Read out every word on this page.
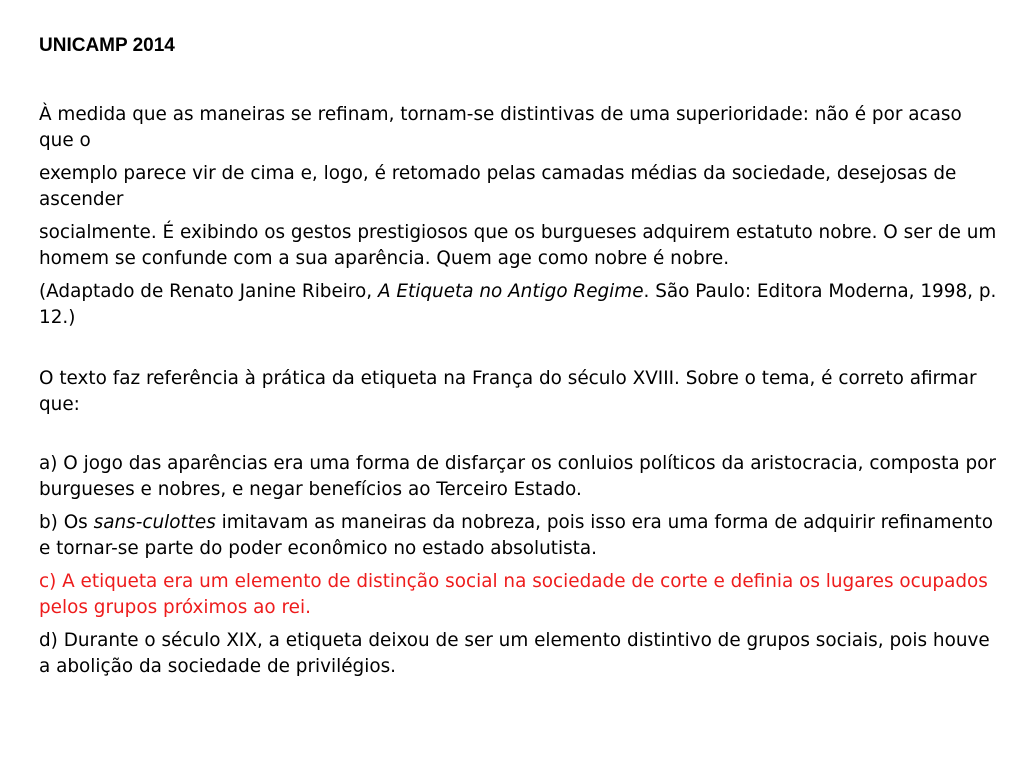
UNICAMP 2014

À medida que as maneiras se refinam, tornam-se distintivas de uma superioridade: não é por acaso que o

exemplo parece vir de cima e, logo, é retomado pelas camadas médias da sociedade, desejosas de ascender

socialmente. É exibindo os gestos prestigiosos que os burgueses adquirem estatuto nobre. O ser de um homem se confunde com a sua aparência. Quem age como nobre é nobre.

(Adaptado de Renato Janine Ribeiro, A Etiqueta no Antigo Regime. São Paulo: Editora Moderna, 1998, p. 12.)

O texto faz referência à prática da etiqueta na França do século XVIII. Sobre o tema, é correto afirmar que:

a) O jogo das aparências era uma forma de disfarçar os conluios políticos da aristocracia, composta por burgueses e nobres, e negar benefícios ao Terceiro Estado.

b) Os sans-culottes imitavam as maneiras da nobreza, pois isso era uma forma de adquirir refinamento e tornar-se parte do poder econômico no estado absolutista.

c) A etiqueta era um elemento de distinção social na sociedade de corte e definia os lugares ocupados pelos grupos próximos ao rei.

d) Durante o século XIX, a etiqueta deixou de ser um elemento distintivo de grupos sociais, pois houve a abolição da sociedade de privilégios.
